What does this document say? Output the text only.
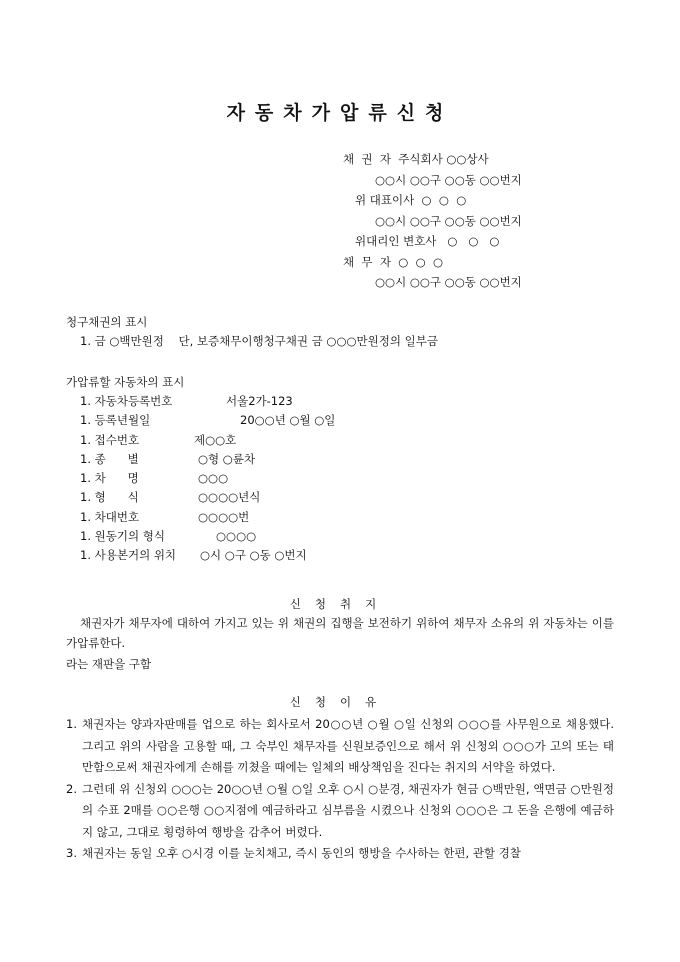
자동차가압류신청
채  권  자  주식회사 ○○상사
○○시 ○○구 ○○동 ○○번지
위 대표이사  ○  ○  ○
○○시 ○○구 ○○동 ○○번지
위대리인 변호사   ○   ○   ○
채  무  자  ○  ○  ○
○○시 ○○구 ○○동 ○○번지
청구채권의 표시
1. 금 ○백만원정    단, 보증채무이행청구채권 금 ○○○만원정의 일부금
가압류할 자동차의 표시
1. 자동차등록번호	서울2가-123
1. 등록년월일	20○○년 ○월 ○일
1. 접수번호	제○○호
1. 종      별	○형 ○륜차
1. 차      명	○○○
1. 형      식	○○○○년식
1. 차대번호	○○○○번
1. 원동기의 형식	○○○○
1. 사용본거의 위치 ○시 ○구 ○동 ○번지
신청취지
채권자가 채무자에 대하여 가지고 있는 위 채권의 집행을 보전하기 위하여 채무자 소유의 위 자동차는 이를 가압류한다.
라는 재판을 구함
신청이유
1. 채권자는 양과자판매를 업으로 하는 회사로서 20○○년 ○월 ○일 신청외 ○○○를 사무원으로 채용했다. 그리고 위의 사람을 고용할 때, 그 숙부인 채무자를 신원보증인으로 해서 위 신청외 ○○○가 고의 또는 태만함으로써 채권자에게 손해를 끼쳤을 때에는 일체의 배상책임을 진다는 취지의 서약을 하였다.
2. 그런데 위 신청외 ○○○는 20○○년 ○월 ○일 오후 ○시 ○분경, 채권자가 현금 ○백만원, 액면금 ○만원정의 수표 2매를 ○○은행 ○○지점에 예금하라고 심부름을 시켰으나 신청외 ○○○은 그 돈을 은행에 예금하지 않고, 그대로 횡령하여 행방을 감추어 버렸다.
3. 채권자는 동일 오후 ○시경 이를 눈치채고, 즉시 동인의 행방을 수사하는 한편, 관할 경찰
